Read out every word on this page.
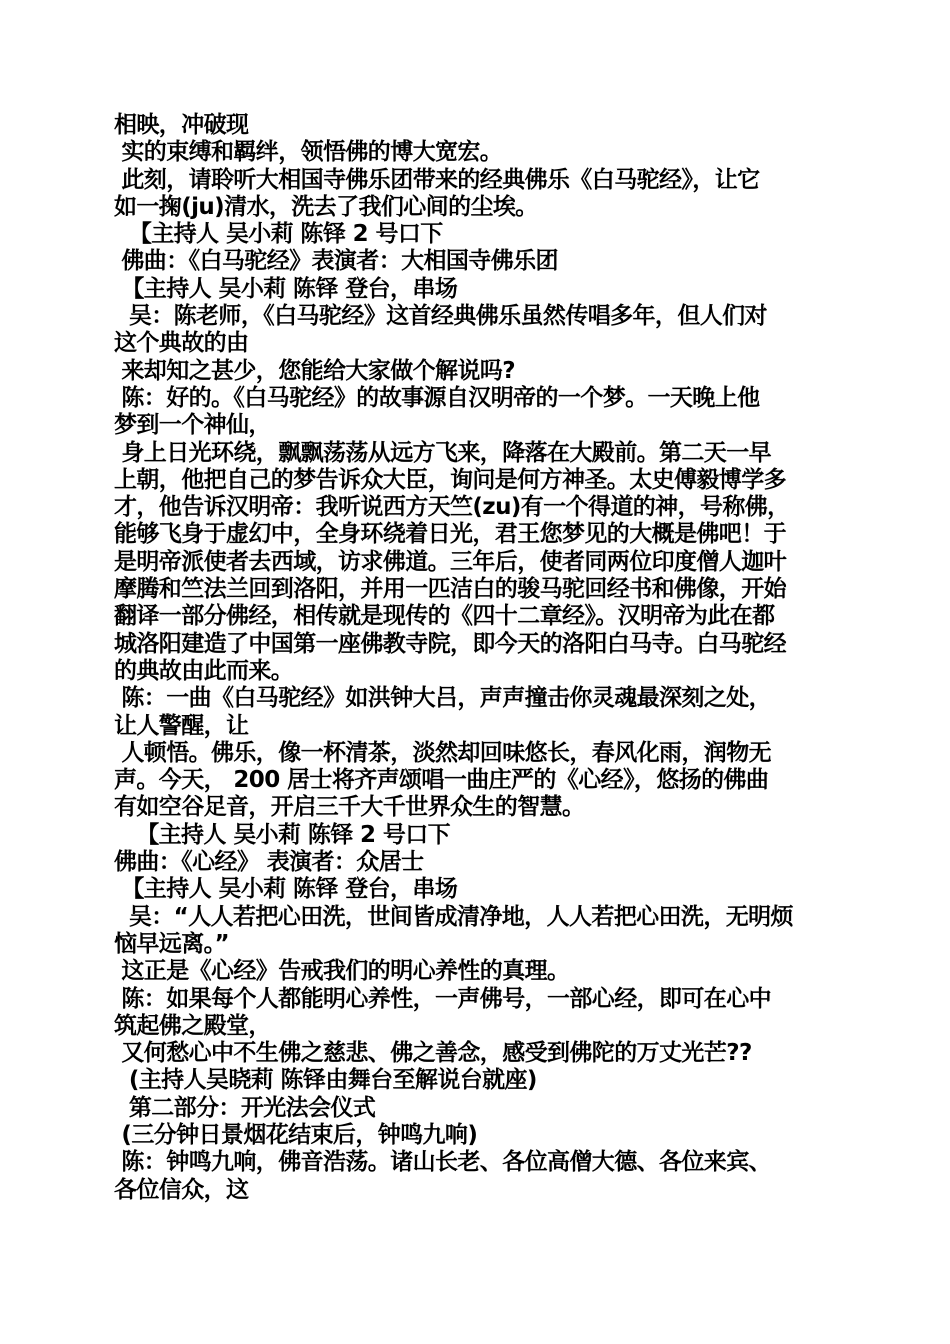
相映，冲破现

实的束缚和羁绊，领悟佛的博大宽宏。

此刻，请聆听大相国寺佛乐团带来的经典佛乐《白马驼经》，让它

如一掬(ju)清水，洗去了我们心间的尘埃。

【主持人 吴小莉 陈铎 2 号口下

佛曲：《白马驼经》表演者：大相国寺佛乐团

【主持人 吴小莉 陈铎 登台，串场

吴：陈老师，《白马驼经》这首经典佛乐虽然传唱多年，但人们对

这个典故的由

来却知之甚少，您能给大家做个解说吗?

陈：好的。《白马驼经》的故事源自汉明帝的一个梦。一天晚上他

梦到一个神仙，

身上日光环绕，飘飘荡荡从远方飞来，降落在大殿前。第二天一早

上朝，他把自己的梦告诉众大臣，询问是何方神圣。太史傅毅博学多

才，他告诉汉明帝：我听说西方天竺(zu)有一个得道的神，号称佛，

能够飞身于虚幻中，全身环绕着日光，君王您梦见的大概是佛吧！于

是明帝派使者去西域，访求佛道。三年后，使者同两位印度僧人迦叶

摩腾和竺法兰回到洛阳，并用一匹洁白的骏马驼回经书和佛像，开始

翻译一部分佛经，相传就是现传的《四十二章经》。汉明帝为此在都

城洛阳建造了中国第一座佛教寺院，即今天的洛阳白马寺。白马驼经

的典故由此而来。

陈：一曲《白马驼经》如洪钟大吕，声声撞击你灵魂最深刻之处，

让人警醒，让

人顿悟。佛乐，像一杯清茶，淡然却回味悠长，春风化雨，润物无

声。今天， 200 居士将齐声颂唱一曲庄严的《心经》，悠扬的佛曲

有如空谷足音，开启三千大千世界众生的智慧。

【主持人 吴小莉 陈铎 2 号口下

佛曲：《心经》 表演者：众居士

【主持人 吴小莉 陈铎 登台，串场

吴：“人人若把心田洗，世间皆成清净地，人人若把心田洗，无明烦

恼早远离。”

这正是《心经》告戒我们的明心养性的真理。

陈：如果每个人都能明心养性，一声佛号，一部心经，即可在心中

筑起佛之殿堂，

又何愁心中不生佛之慈悲、佛之善念，感受到佛陀的万丈光芒??

(主持人吴晓莉 陈铎由舞台至解说台就座)

第二部分：开光法会仪式

(三分钟日景烟花结束后，钟鸣九响)

陈：钟鸣九响，佛音浩荡。诸山长老、各位高僧大德、各位来宾、

各位信众，这
